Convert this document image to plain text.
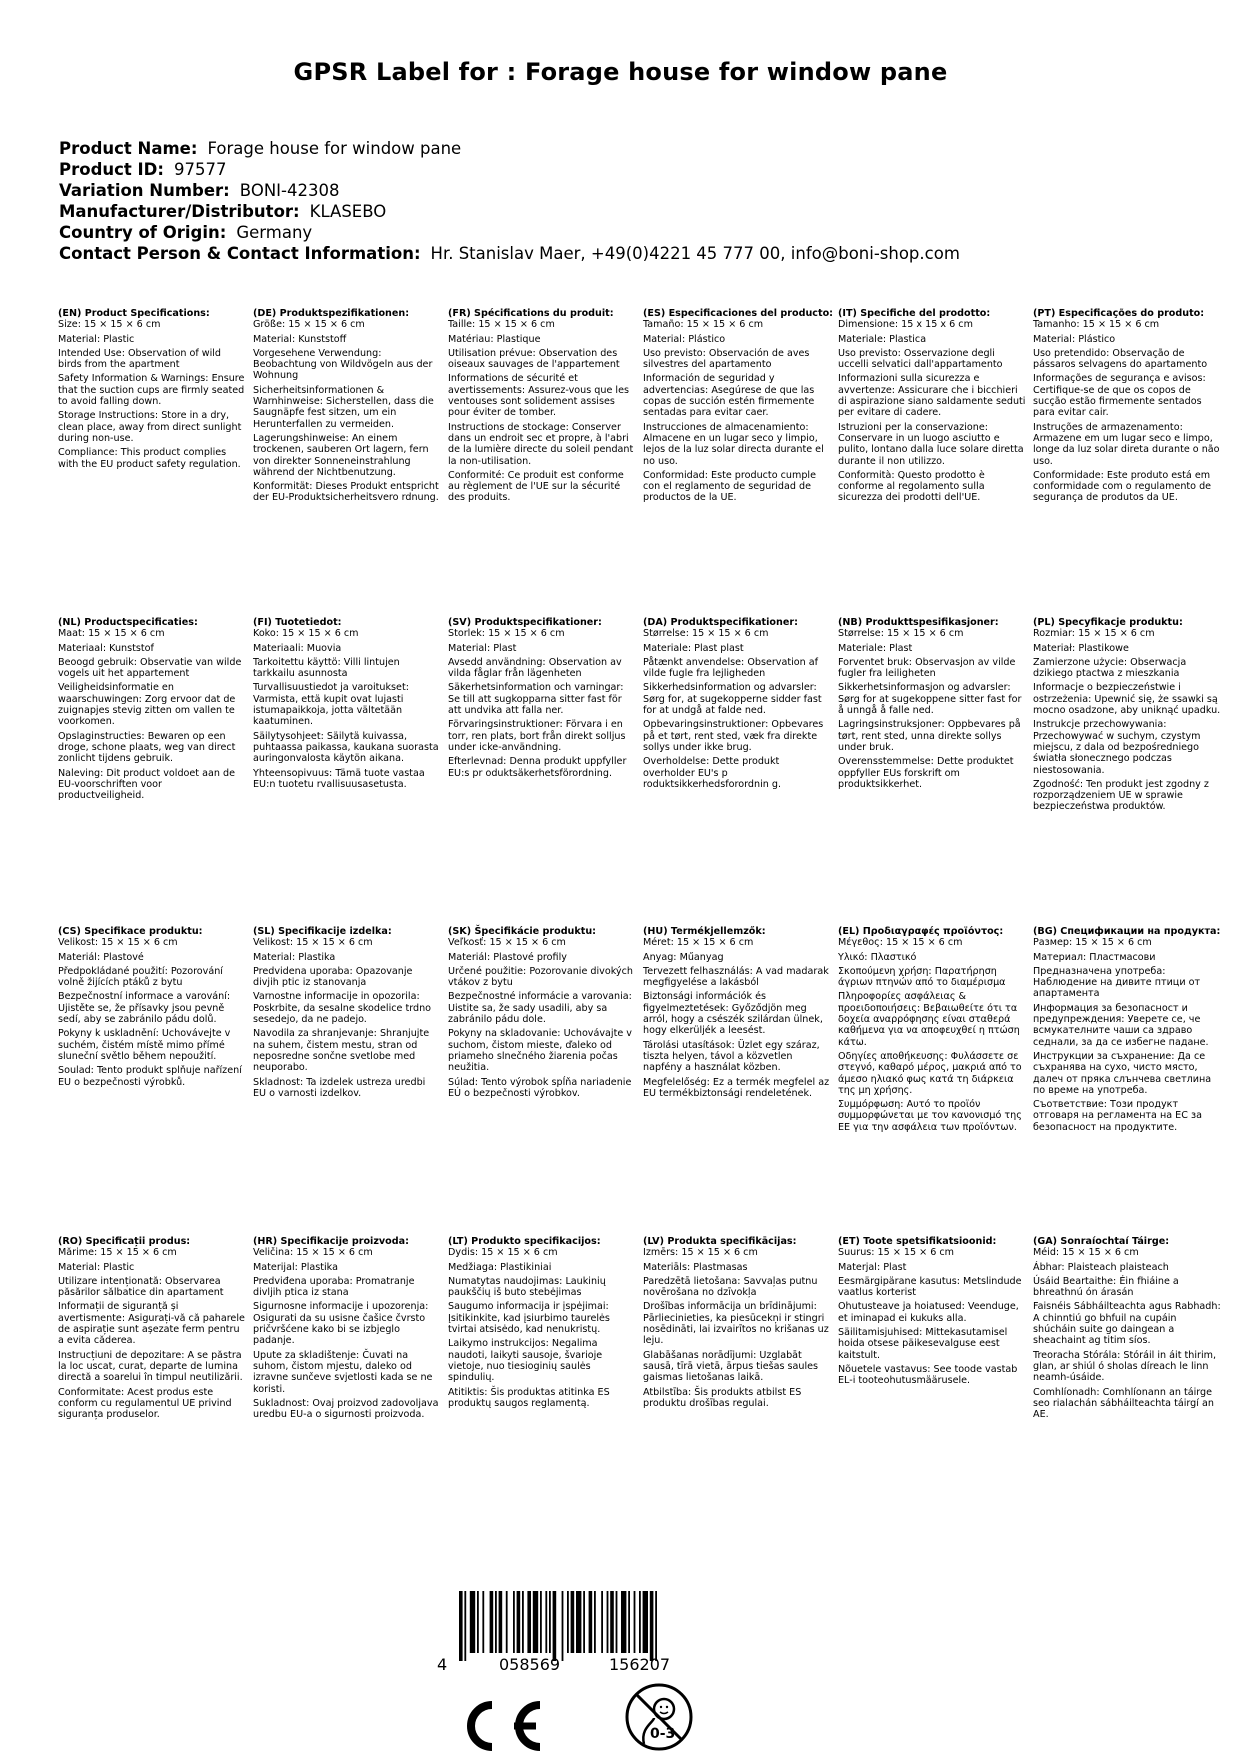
GPSR Label for : Forage house for window pane
Product Name: Forage house for window pane
Product ID: 97577
Variation Number: BONI-42308
Manufacturer/Distributor: KLASEBO
Country of Origin: Germany
Contact Person & Contact Information: Hr. Stanislav Maer, +49(0)4221 45 777 00, info@boni-shop.com
(EN) Product Specifications:
Size: 15 × 15 × 6 cm
Material: Plastic
Intended Use: Observation of wild birds from the apartment
Safety Information & Warnings: Ensure that the suction cups are firmly seated to avoid falling down.
Storage Instructions: Store in a dry, clean place, away from direct sunlight during non-use.
Compliance: This product complies with the EU product safety regulation.
(DE) Produktspezifikationen:
Größe: 15 × 15 × 6 cm
Material: Kunststoff
Vorgesehene Verwendung: Beobachtung von Wildvögeln aus der Wohnung
Sicherheitsinformationen & Warnhinweise: Sicherstellen, dass die Saugnäpfe fest sitzen, um ein Herunterfallen zu vermeiden.
Lagerungshinweise: An einem trockenen, sauberen Ort lagern, fern von direkter Sonneneinstrahlung während der Nichtbenutzung.
Konformität: Dieses Produkt entspricht der EU-Produktsicherheitsvero rdnung.
(FR) Spécifications du produit:
Taille: 15 × 15 × 6 cm
Matériau: Plastique
Utilisation prévue: Observation des oiseaux sauvages de l'appartement
Informations de sécurité et avertissements: Assurez-vous que les ventouses sont solidement assises pour éviter de tomber.
Instructions de stockage: Conserver dans un endroit sec et propre, à l'abri de la lumière directe du soleil pendant la non-utilisation.
Conformité: Ce produit est conforme au règlement de l'UE sur la sécurité des produits.
(ES) Especificaciones del producto:
Tamaño: 15 × 15 × 6 cm
Material: Plástico
Uso previsto: Observación de aves silvestres del apartamento
Información de seguridad y advertencias: Asegúrese de que las copas de succión estén firmemente sentadas para evitar caer.
Instrucciones de almacenamiento: Almacene en un lugar seco y limpio, lejos de la luz solar directa durante el no uso.
Conformidad: Este producto cumple con el reglamento de seguridad de productos de la UE.
(IT) Specifiche del prodotto:
Dimensione: 15 x 15 x 6 cm
Materiale: Plastica
Uso previsto: Osservazione degli uccelli selvatici dall'appartamento
Informazioni sulla sicurezza e avvertenze: Assicurare che i bicchieri di aspirazione siano saldamente seduti per evitare di cadere.
Istruzioni per la conservazione: Conservare in un luogo asciutto e pulito, lontano dalla luce solare diretta durante il non utilizzo.
Conformità: Questo prodotto è conforme al regolamento sulla sicurezza dei prodotti dell'UE.
(PT) Especificações do produto:
Tamanho: 15 × 15 × 6 cm
Material: Plástico
Uso pretendido: Observação de pássaros selvagens do apartamento
Informações de segurança e avisos: Certifique-se de que os copos de sucção estão firmemente sentados para evitar cair.
Instruções de armazenamento: Armazene em um lugar seco e limpo, longe da luz solar direta durante o não uso.
Conformidade: Este produto está em conformidade com o regulamento de segurança de produtos da UE.
(NL) Productspecificaties:
Maat: 15 × 15 × 6 cm
Materiaal: Kunststof
Beoogd gebruik: Observatie van wilde vogels uit het appartement
Veiligheidsinformatie en waarschuwingen: Zorg ervoor dat de zuignapjes stevig zitten om vallen te voorkomen.
Opslaginstructies: Bewaren op een droge, schone plaats, weg van direct zonlicht tijdens gebruik.
Naleving: Dit product voldoet aan de EU-voorschriften voor productveiligheid.
(FI) Tuotetiedot:
Koko: 15 × 15 × 6 cm
Materiaali: Muovia
Tarkoitettu käyttö: Villi lintujen tarkkailu asunnosta
Turvallisuustiedot ja varoitukset: Varmista, että kupit ovat lujasti istumapaikkoja, jotta vältetään kaatuminen.
Säilytysohjeet: Säilytä kuivassa, puhtaassa paikassa, kaukana suorasta auringonvalosta käytön aikana.
Yhteensopivuus: Tämä tuote vastaa EU:n tuotetu rvallisuusasetusta.
(SV) Produktspecifikationer:
Storlek: 15 × 15 × 6 cm
Material: Plast
Avsedd användning: Observation av vilda fåglar från lägenheten
Säkerhetsinformation och varningar: Se till att sugkopparna sitter fast för att undvika att falla ner.
Förvaringsinstruktioner: Förvara i en torr, ren plats, bort från direkt solljus under icke-användning.
Efterlevnad: Denna produkt uppfyller EU:s pr oduktsäkerhetsförordning.
(DA) Produktspecifikationer:
Størrelse: 15 × 15 × 6 cm
Materiale: Plast plast
Påtænkt anvendelse: Observation af vilde fugle fra lejligheden
Sikkerhedsinformation og advarsler: Sørg for, at sugekopperne sidder fast for at undgå at falde ned.
Opbevaringsinstruktioner: Opbevares på et tørt, rent sted, væk fra direkte sollys under ikke brug.
Overholdelse: Dette produkt overholder EU's p roduktsikkerhedsforordnin g.
(NB) Produkttspesifikasjoner:
Størrelse: 15 × 15 × 6 cm
Materiale: Plast
Forventet bruk: Observasjon av vilde fugler fra leiligheten
Sikkerhetsinformasjon og advarsler: Sørg for at sugekoppene sitter fast for å unngå å falle ned.
Lagringsinstruksjoner: Oppbevares på tørt, rent sted, unna direkte sollys under bruk.
Overensstemmelse: Dette produktet oppfyller EUs forskrift om produktsikkerhet.
(PL) Specyfikacje produktu:
Rozmiar: 15 × 15 × 6 cm
Materiał: Plastikowe
Zamierzone użycie: Obserwacja dzikiego ptactwa z mieszkania
Informacje o bezpieczeństwie i ostrzeżenia: Upewnić się, że ssawki są mocno osadzone, aby uniknąć upadku.
Instrukcje przechowywania: Przechowywać w suchym, czystym miejscu, z dala od bezpośredniego światła słonecznego podczas niestosowania.
Zgodność: Ten produkt jest zgodny z rozporządzeniem UE w sprawie bezpieczeństwa produktów.
(CS) Specifikace produktu:
Velikost: 15 × 15 × 6 cm
Materiál: Plastové
Předpokládané použití: Pozorování volně žijících ptáků z bytu
Bezpečnostní informace a varování: Ujistěte se, že přísavky jsou pevně sedí, aby se zabránilo pádu dolů.
Pokyny k uskladnění: Uchovávejte v suchém, čistém místě mimo přímé sluneční světlo během nepoužití.
Soulad: Tento produkt splňuje nařízení EU o bezpečnosti výrobků.
(SL) Specifikacije izdelka:
Velikost: 15 × 15 × 6 cm
Material: Plastika
Predvidena uporaba: Opazovanje divjih ptic iz stanovanja
Varnostne informacije in opozorila: Poskrbite, da sesalne skodelice trdno sesedejo, da ne padejo.
Navodila za shranjevanje: Shranjujte na suhem, čistem mestu, stran od neposredne sončne svetlobe med neuporabo.
Skladnost: Ta izdelek ustreza uredbi EU o varnosti izdelkov.
(SK) Špecifikácie produktu:
Veľkosť: 15 × 15 × 6 cm
Materiál: Plastové profily
Určené použitie: Pozorovanie divokých vtákov z bytu
Bezpečnostné informácie a varovania: Uistite sa, že sady usadili, aby sa zabránilo pádu dole.
Pokyny na skladovanie: Uchovávajte v suchom, čistom mieste, ďaleko od priameho slnečného žiarenia počas neužitia.
Súlad: Tento výrobok spĺňa nariadenie EÚ o bezpečnosti výrobkov.
(HU) Termékjellemzők:
Méret: 15 × 15 × 6 cm
Anyag: Műanyag
Tervezett felhasználás: A vad madarak megfigyelése a lakásból
Biztonsági információk és figyelmeztetések: Győződjön meg arról, hogy a csészék szilárdan ülnek, hogy elkerüljék a leesést.
Tárolási utasítások: Üzlet egy száraz, tiszta helyen, távol a közvetlen napfény a használat közben.
Megfelelőség: Ez a termék megfelel az EU termékbiztonsági rendeletének.
(EL) Προδιαγραφές προϊόντος:
Μέγεθος: 15 × 15 × 6 cm
Υλικό: Πλαστικό
Σκοπούμενη χρήση: Παρατήρηση άγριων πτηνών από το διαμέρισμα
Πληροφορίες ασφάλειας & προειδοποιήσεις: Βεβαιωθείτε ότι τα δοχεία αναρρόφησης είναι σταθερά καθήμενα για να αποφευχθεί η πτώση κάτω.
Οδηγίες αποθήκευσης: Φυλάσσετε σε στεγνό, καθαρό μέρος, μακριά από το άμεσο ηλιακό φως κατά τη διάρκεια της μη χρήσης.
Συμμόρφωση: Αυτό το προϊόν συμμορφώνεται με τον κανονισμό της ΕΕ για την ασφάλεια των προϊόντων.
(BG) Спецификации на продукта:
Размер: 15 × 15 × 6 cm
Материал: Пластмасови
Предназначена употреба: Наблюдение на дивите птици от апартамента
Информация за безопасност и предупреждения: Уверете се, че всмукателните чаши са здраво седнали, за да се избегне падане.
Инструкции за съхранение: Да се съхранява на сухо, чисто място, далеч от пряка слънчева светлина по време на употреба.
Съответствие: Този продукт отговаря на регламента на ЕС за безопасност на продуктите.
(RO) Specificații produs:
Mărime: 15 × 15 × 6 cm
Material: Plastic
Utilizare intenționată: Observarea păsărilor sălbatice din apartament
Informații de siguranță și avertismente: Asigurați-vă că paharele de aspirație sunt așezate ferm pentru a evita căderea.
Instrucțiuni de depozitare: A se păstra la loc uscat, curat, departe de lumina directă a soarelui în timpul neutilizării.
Conformitate: Acest produs este conform cu regulamentul UE privind siguranța produselor.
(HR) Specifikacije proizvoda:
Veličina: 15 × 15 × 6 cm
Materijal: Plastika
Predviđena uporaba: Promatranje divljih ptica iz stana
Sigurnosne informacije i upozorenja: Osigurati da su usisne čašice čvrsto pričvršćene kako bi se izbjeglo padanje.
Upute za skladištenje: Čuvati na suhom, čistom mjestu, daleko od izravne sunčeve svjetlosti kada se ne koristi.
Sukladnost: Ovaj proizvod zadovoljava uredbu EU-a o sigurnosti proizvoda.
(LT) Produkto specifikacijos:
Dydis: 15 × 15 × 6 cm
Medžiaga: Plastikiniai
Numatytas naudojimas: Laukinių paukščių iš buto stebėjimas
Saugumo informacija ir įspėjimai: Įsitikinkite, kad įsiurbimo taurelės tvirtai atsisėdo, kad nenukristų.
Laikymo instrukcijos: Negalima naudoti, laikyti sausoje, švarioje vietoje, nuo tiesioginių saulės spindulių.
Atitiktis: Šis produktas atitinka ES produktų saugos reglamentą.
(LV) Produkta specifikācijas:
Izmērs: 15 × 15 × 6 cm
Materiāls: Plastmasas
Paredzētā lietošana: Savvaļas putnu novērošana no dzīvokļa
Drošības informācija un brīdinājumi: Pārliecinieties, ka piesūcekņi ir stingri nosēdināti, lai izvairītos no krišanas uz leju.
Glabāšanas norādījumi: Uzglabāt sausā, tīrā vietā, ārpus tiešas saules gaismas lietošanas laikā.
Atbilstība: Šis produkts atbilst ES produktu drošības regulai.
(ET) Toote spetsifikatsioonid:
Suurus: 15 × 15 × 6 cm
Materjal: Plast
Eesmärgipärane kasutus: Metslindude vaatlus korterist
Ohutusteave ja hoiatused: Veenduge, et iminapad ei kukuks alla.
Säilitamisjuhised: Mittekasutamisel hoida otsese päikesevalguse eest kaitstult.
Nõuetele vastavus: See toode vastab EL-i tooteohutusmäärusele.
(GA) Sonraíochtaí Táirge:
Méid: 15 × 15 × 6 cm
Ábhar: Plaisteach plaisteach
Úsáid Beartaithe: Éin fhiáine a bhreathnú ón árasán
Faisnéis Sábháilteachta agus Rabhadh: A chinntiú go bhfuil na cupáin shúcháin suite go daingean a sheachaint ag titim síos.
Treoracha Stórála: Stóráil in áit thirim, glan, ar shiúl ó sholas díreach le linn neamh-úsáide.
Comhlíonadh: Comhlíonann an táirge seo rialachán sábháilteachta táirgí an AE.
4	058569	156207
0-3
